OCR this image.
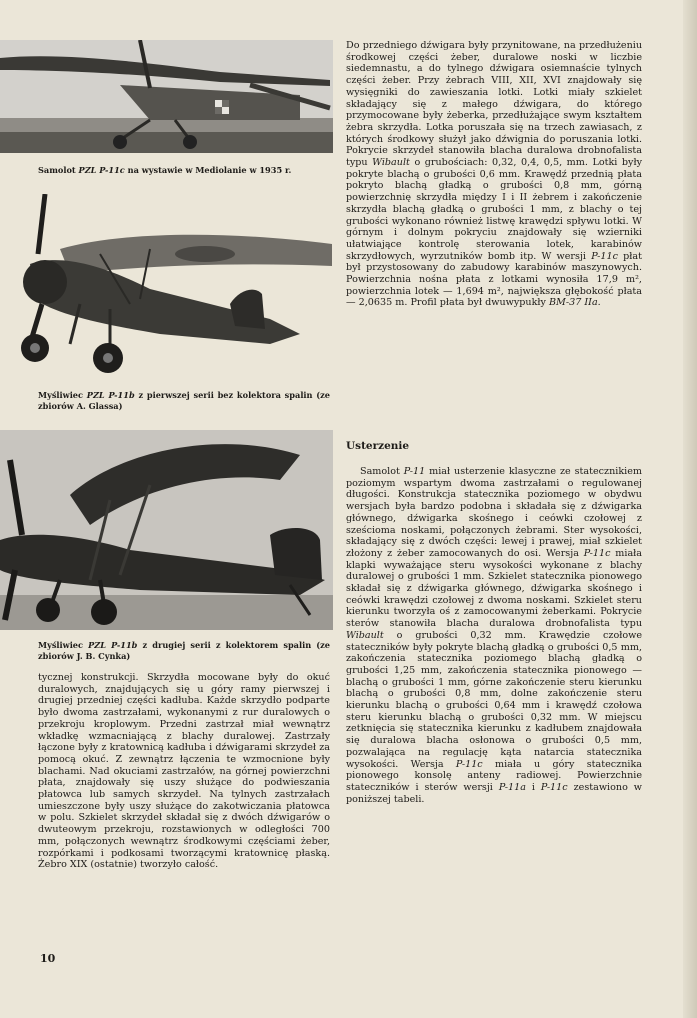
Samolot PZL P-11c na wystawie w Mediolanie w 1935 r.
Myśliwiec PZL P-11b z pierwszej serii bez kolektora spalin (ze zbiorów A. Glassa)
Myśliwiec PZL P-11b z drugiej serii z kolektorem spalin (ze zbiorów J. B. Cynka)

tycznej konstrukcji. Skrzydła mocowane były do okuć duralowych, znajdujących się u góry ramy pierwszej i drugiej przedniej części kadłuba. Każde skrzydło podparte było dwoma zastrzałami, wykonanymi z rur duralowych o przekroju kroplowym. Przedni zastrzał miał wewnątrz wkładkę wzmacniającą z blachy duralowej. Zastrzały łączone były z kratownicą kadłuba i dźwigarami skrzydeł za pomocą okuć. Z zewnątrz łączenia te wzmocnione były blachami. Nad okuciami zastrzałów, na górnej powierzchni płata, znajdowały się uszy służące do podwieszania płatowca lub samych skrzydeł. Na tylnych zastrzałach umieszczone były uszy służące do zakotwiczania płatowca w polu. Szkielet skrzydeł składał się z dwóch dźwigarów o dwuteowym przekroju, rozstawionych w odległości 700 mm, połączonych wewnątrz środkowymi częściami żeber, rozpórkami i podkosami tworzącymi kratownicę płaską. Żebro XIX (ostatnie) tworzyło całość.

10

Do przedniego dźwigara były przynitowane, na przedłużeniu środkowej części żeber, duralowe noski w liczbie siedemnastu, a do tylnego dźwigara osiemnaście tylnych części żeber. Przy żebrach VIII, XII, XVI znajdowały się wysięgniki do zawieszania lotki. Lotki miały szkielet składający się z małego dźwigara, do którego przymocowane były żeberka, przedłużające swym kształtem żebra skrzydła. Lotka poruszała się na trzech zawiasach, z których środkowy służył jako dźwignia do poruszania lotki. Pokrycie skrzydeł stanowiła blacha duralowa drobnofalista typu Wibault o grubościach: 0,32, 0,4, 0,5, mm. Lotki były pokryte blachą o grubości 0,6 mm. Krawędź przednią płata pokryto blachą gładką o grubości 0,8 mm, górną powierzchnię skrzydła między I i II żebrem i zakończenie skrzydła blachą gładką o grubości 1 mm, z blachy o tej grubości wykonano również listwę krawędzi spływu lotki. W górnym i dolnym pokryciu znajdowały się wzierniki ułatwiające kontrolę sterowania lotek, karabinów skrzydłowych, wyrzutników bomb itp. W wersji P-11c płat był przystosowany do zabudowy karabinów maszynowych. Powierzchnia nośna płata z lotkami wynosiła 17,9 m², powierzchnia lotek — 1,694 m², największa głębokość płata — 2,0635 m. Profil płata był dwuwypukły BM-37 IIa.

Usterzenie

Samolot P-11 miał usterzenie klasyczne ze statecznikiem poziomym wspartym dwoma zastrzałami o regulowanej długości. Konstrukcja statecznika poziomego w obydwu wersjach była bardzo podobna i składała się z dźwigarka głównego, dźwigarka skośnego i ceówki czołowej z sześcioma noskami, połączonych żebrami. Ster wysokości, składający się z dwóch części: lewej i prawej, miał szkielet złożony z żeber zamocowanych do osi. Wersja P-11c miała klapki wyważające steru wysokości wykonane z blachy duralowej o grubości 1 mm. Szkielet statecznika pionowego składał się z dźwigarka głównego, dźwigarka skośnego i ceówki krawędzi czołowej z dwoma noskami. Szkielet steru kierunku tworzyła oś z zamocowanymi żeberkami. Pokrycie sterów stanowiła blacha duralowa drobnofalista typu Wibault o grubości 0,32 mm. Krawędzie czołowe stateczników były pokryte blachą gładką o grubości 0,5 mm, zakończenia statecznika poziomego blachą gładką o grubości 1,25 mm, zakończenia statecznika pionowego — blachą o grubości 1 mm, górne zakończenie steru kierunku blachą o grubości 0,8 mm, dolne zakończenie steru kierunku blachą o grubości 0,64 mm i krawędź czołowa steru kierunku blachą o grubości 0,32 mm. W miejscu zetknięcia się statecznika kierunku z kadłubem znajdowała się duralowa blacha osłonowa o grubości 0,5 mm, pozwalająca na regulację kąta natarcia statecznika wysokości. Wersja P-11c miała u góry statecznika pionowego konsolę anteny radiowej. Powierzchnie stateczników i sterów wersji P-11a i P-11c zestawiono w poniższej tabeli.
